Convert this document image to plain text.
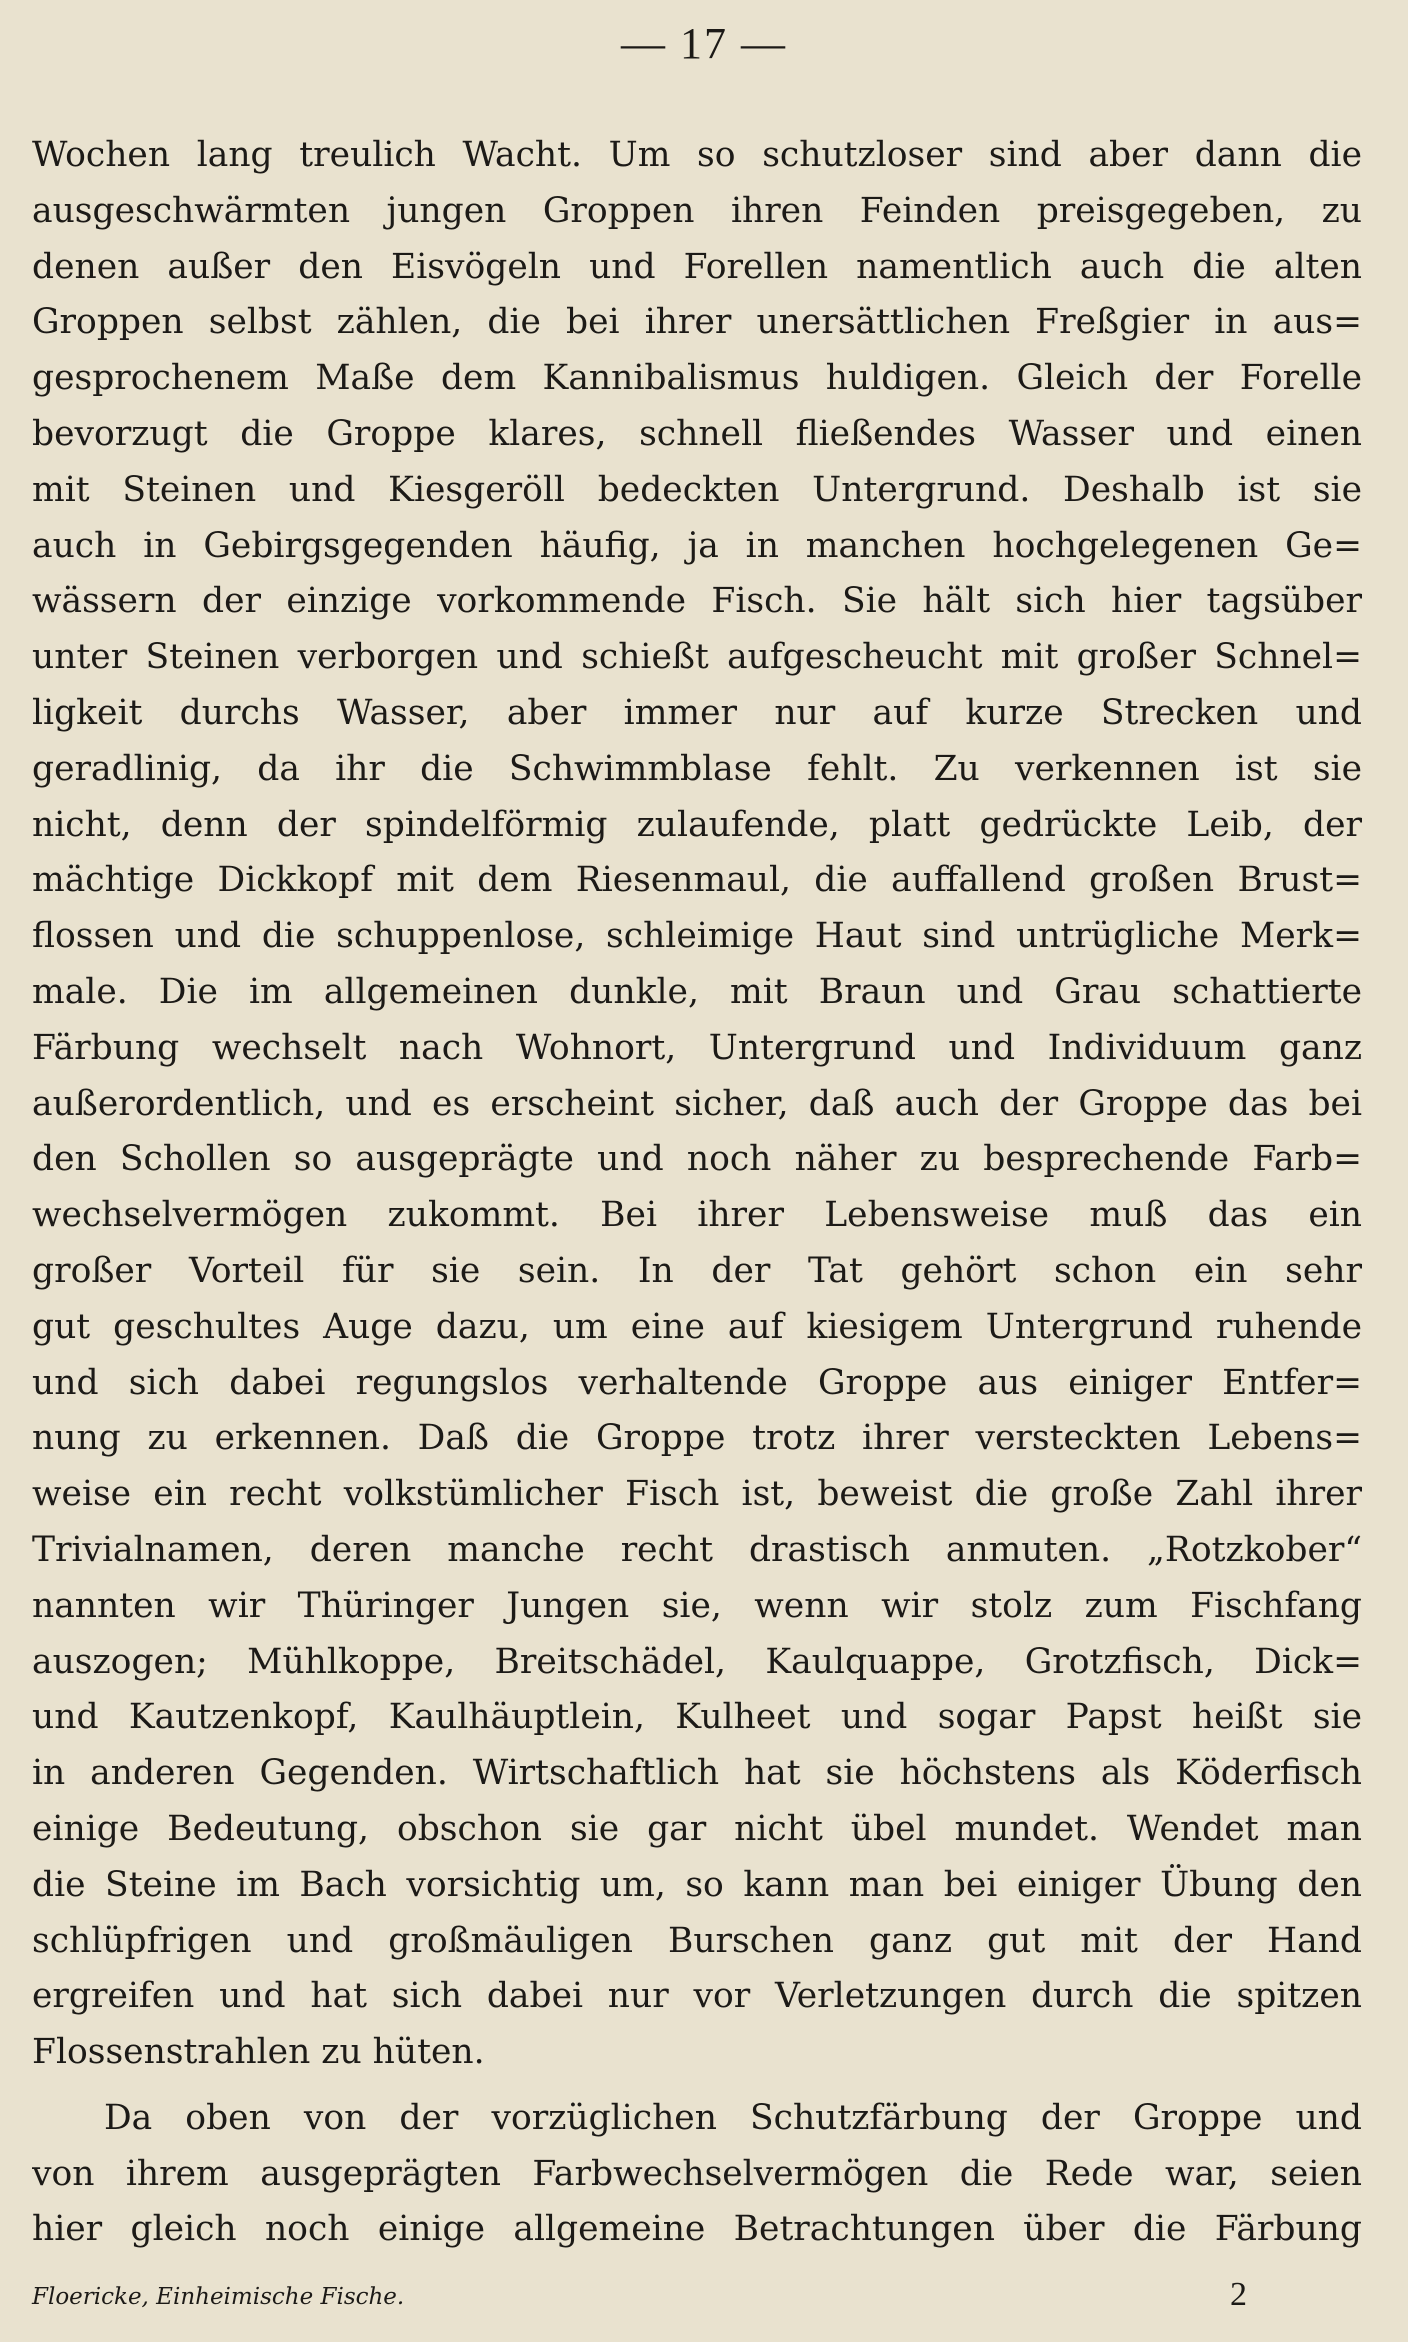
— 17 —
Wochen lang treulich Wacht. Um so schutzloser sind aber dann die
ausgeschwärmten jungen Groppen ihren Feinden preisgegeben, zu
denen außer den Eisvögeln und Forellen namentlich auch die alten
Groppen selbst zählen, die bei ihrer unersättlichen Freßgier in aus=
gesprochenem Maße dem Kannibalismus huldigen. Gleich der Forelle
bevorzugt die Groppe klares, schnell fließendes Wasser und einen
mit Steinen und Kiesgeröll bedeckten Untergrund. Deshalb ist sie
auch in Gebirgsgegenden häufig, ja in manchen hochgelegenen Ge=
wässern der einzige vorkommende Fisch. Sie hält sich hier tagsüber
unter Steinen verborgen und schießt aufgescheucht mit großer Schnel=
ligkeit durchs Wasser, aber immer nur auf kurze Strecken und
geradlinig, da ihr die Schwimmblase fehlt. Zu verkennen ist sie
nicht, denn der spindelförmig zulaufende, platt gedrückte Leib, der
mächtige Dickkopf mit dem Riesenmaul, die auffallend großen Brust=
flossen und die schuppenlose, schleimige Haut sind untrügliche Merk=
male. Die im allgemeinen dunkle, mit Braun und Grau schattierte
Färbung wechselt nach Wohnort, Untergrund und Individuum ganz
außerordentlich, und es erscheint sicher, daß auch der Groppe das bei
den Schollen so ausgeprägte und noch näher zu besprechende Farb=
wechselvermögen zukommt. Bei ihrer Lebensweise muß das ein
großer Vorteil für sie sein. In der Tat gehört schon ein sehr
gut geschultes Auge dazu, um eine auf kiesigem Untergrund ruhende
und sich dabei regungslos verhaltende Groppe aus einiger Entfer=
nung zu erkennen. Daß die Groppe trotz ihrer versteckten Lebens=
weise ein recht volkstümlicher Fisch ist, beweist die große Zahl ihrer
Trivialnamen, deren manche recht drastisch anmuten. „Rotzkober“
nannten wir Thüringer Jungen sie, wenn wir stolz zum Fischfang
auszogen; Mühlkoppe, Breitschädel, Kaulquappe, Grotzfisch, Dick=
und Kautzenkopf, Kaulhäuptlein, Kulheet und sogar Papst heißt sie
in anderen Gegenden. Wirtschaftlich hat sie höchstens als Köderfisch
einige Bedeutung, obschon sie gar nicht übel mundet. Wendet man
die Steine im Bach vorsichtig um, so kann man bei einiger Übung den
schlüpfrigen und großmäuligen Burschen ganz gut mit der Hand
ergreifen und hat sich dabei nur vor Verletzungen durch die spitzen
Flossenstrahlen zu hüten.
Da oben von der vorzüglichen Schutzfärbung der Groppe und
von ihrem ausgeprägten Farbwechselvermögen die Rede war, seien
hier gleich noch einige allgemeine Betrachtungen über die Färbung
Floericke, Einheimische Fische.	2
